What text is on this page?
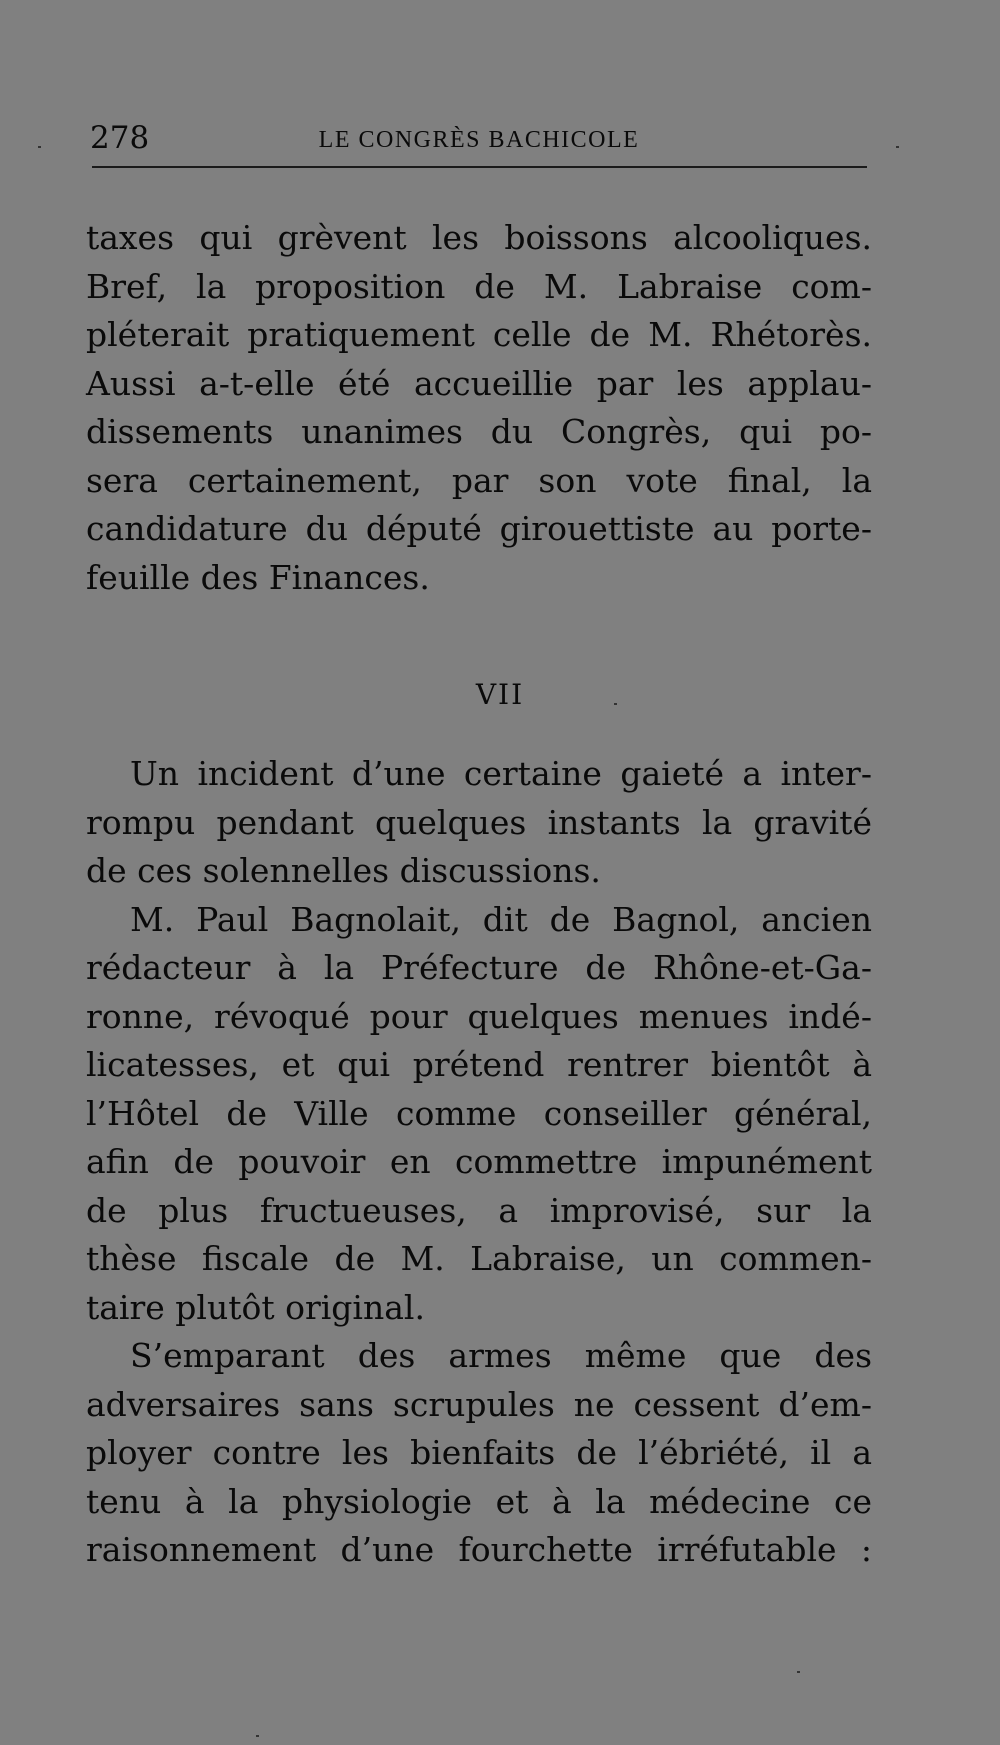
278	LE CONGRÈS BACHICOLE
taxes qui grèvent les boissons alcooliques.
Bref, la proposition de M. Labraise com-
pléterait pratiquement celle de M. Rhétorès.
Aussi a-t-elle été accueillie par les applau-
dissements unanimes du Congrès, qui po-
sera certainement, par son vote final, la
candidature du député girouettiste au porte-
feuille des Finances.
VII
Un incident d’une certaine gaieté a inter-
rompu pendant quelques instants la gravité
de ces solennelles discussions.
M. Paul Bagnolait, dit de Bagnol, ancien
rédacteur à la Préfecture de Rhône-et-Ga-
ronne, révoqué pour quelques menues indé-
licatesses, et qui prétend rentrer bientôt à
l’Hôtel de Ville comme conseiller général,
afin de pouvoir en commettre impunément
de plus fructueuses, a improvisé, sur la
thèse fiscale de M. Labraise, un commen-
taire plutôt original.
S’emparant des armes même que des
adversaires sans scrupules ne cessent d’em-
ployer contre les bienfaits de l’ébriété, il a
tenu à la physiologie et à la médecine ce
raisonnement d’une fourchette irréfutable :
